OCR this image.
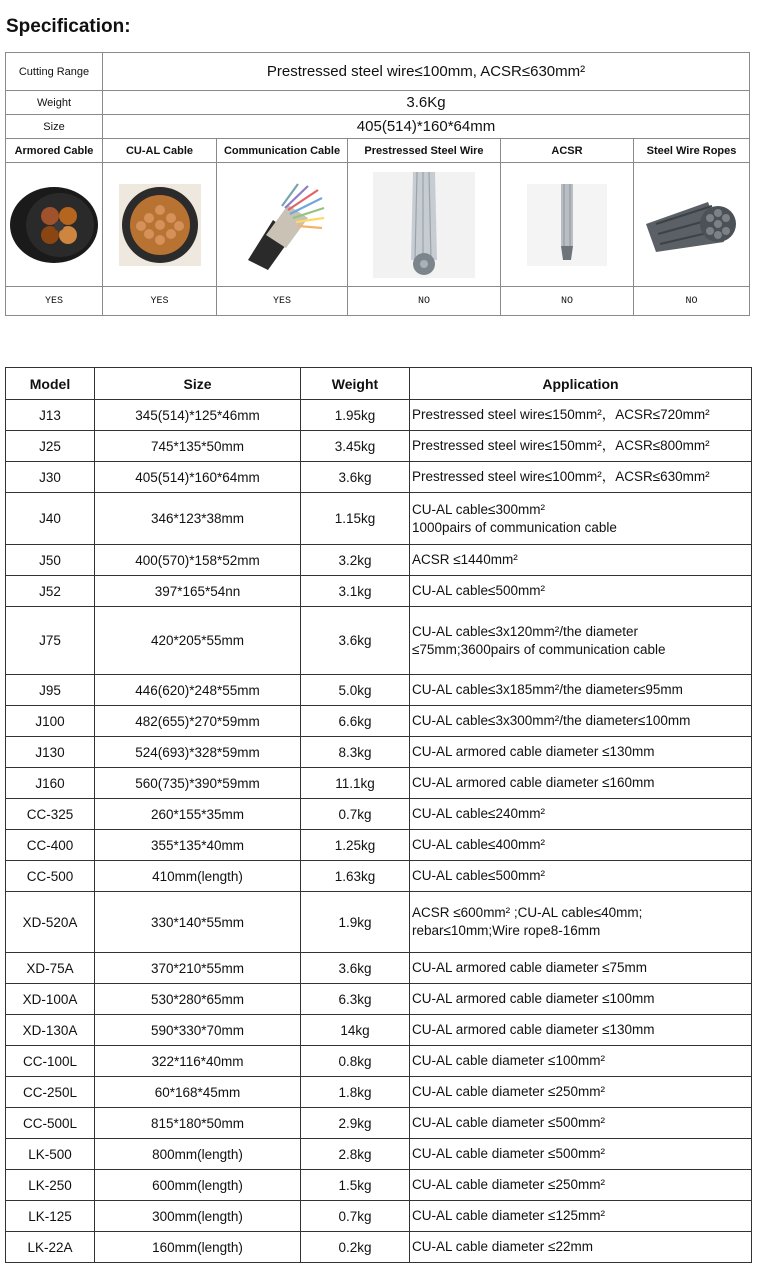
Specification:
Cutting Range	Prestressed steel wire≤100mm, ACSR≤630mm²				
Weight	3.6Kg				
Size	405(514)*160*64mm				
Armored Cable	CU-AL Cable	Communication Cable	Prestressed Steel Wire	ACSR	Steel Wire Ropes

YES	YES	YES	NO	NO	NO
Model	Size	Weight	Application
J13	345(514)*125*46mm	1.95kg	Prestressed steel wire≤150mm²，ACSR≤720mm²

J25	745*135*50mm	3.45kg	Prestressed steel wire≤150mm²，ACSR≤800mm²

J30	405(514)*160*64mm	3.6kg	Prestressed steel wire≤100mm²，ACSR≤630mm²

J40	346*123*38mm	1.15kg	CU-AL cable≤300mm²
1000pairs of communication cable

J50	400(570)*158*52mm	3.2kg	ACSR ≤1440mm²

J52	397*165*54nn	3.1kg	CU-AL cable≤500mm²

J75	420*205*55mm	3.6kg	CU-AL cable≤3x120mm²/the diameter
≤75mm;3600pairs of communication cable

J95	446(620)*248*55mm	5.0kg	CU-AL cable≤3x185mm²/the diameter≤95mm

J100	482(655)*270*59mm	6.6kg	CU-AL cable≤3x300mm²/the diameter≤100mm

J130	524(693)*328*59mm	8.3kg	CU-AL armored cable diameter ≤130mm

J160	560(735)*390*59mm	11.1kg	CU-AL armored cable diameter ≤160mm

CC-325	260*155*35mm	0.7kg	CU-AL cable≤240mm²

CC-400	355*135*40mm	1.25kg	CU-AL cable≤400mm²

CC-500	410mm(length)	1.63kg	CU-AL cable≤500mm²

XD-520A	330*140*55mm	1.9kg	ACSR ≤600mm² ;CU-AL cable≤40mm;
rebar≤10mm;Wire rope8-16mm

XD-75A	370*210*55mm	3.6kg	CU-AL armored cable diameter ≤75mm

XD-100A	530*280*65mm	6.3kg	CU-AL armored cable diameter ≤100mm

XD-130A	590*330*70mm	14kg	CU-AL armored cable diameter ≤130mm

CC-100L	322*116*40mm	0.8kg	CU-AL cable diameter ≤100mm²

CC-250L	60*168*45mm	1.8kg	CU-AL cable diameter ≤250mm²

CC-500L	815*180*50mm	2.9kg	CU-AL cable diameter ≤500mm²

LK-500	800mm(length)	2.8kg	CU-AL cable diameter ≤500mm²

LK-250	600mm(length)	1.5kg	CU-AL cable diameter ≤250mm²

LK-125	300mm(length)	0.7kg	CU-AL cable diameter ≤125mm²

LK-22A	160mm(length)	0.2kg	CU-AL cable diameter ≤22mm
